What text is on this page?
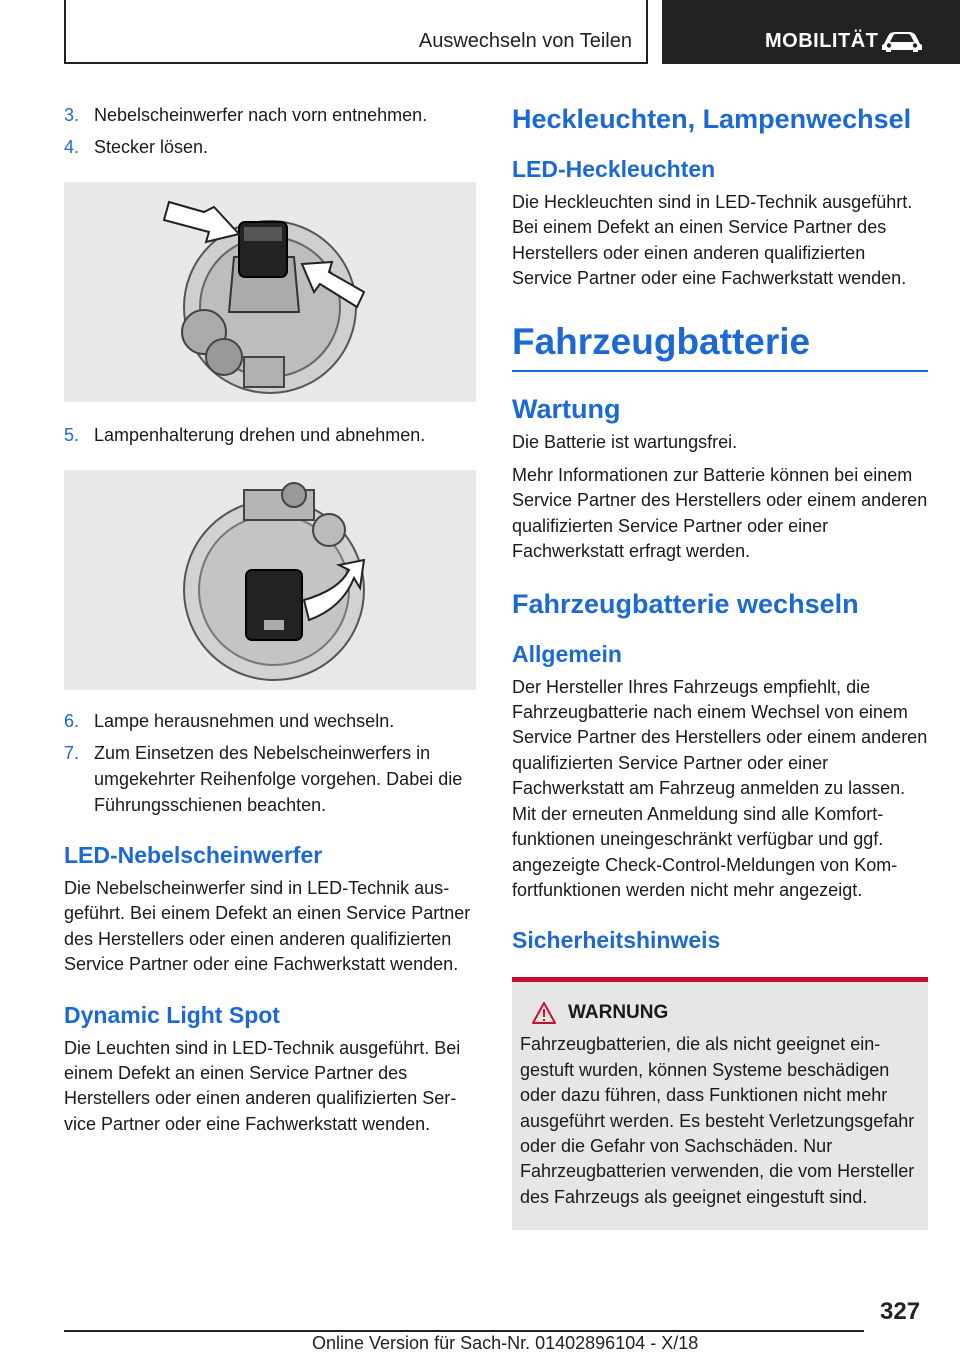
Auswechseln von Teilen	MOBILITÄT
3. Nebelscheinwerfer nach vorn entnehmen.
4. Stecker lösen.
5. Lampenhalterung drehen und abnehmen.
6. Lampe herausnehmen und wechseln.
7. Zum Einsetzen des Nebelscheinwerfers in umgekehrter Reihenfolge vorgehen. Dabei die Führungsschienen beachten.
LED-Nebelscheinwerfer

Die Nebelscheinwerfer sind in LED-Technik ausgeführt. Bei einem Defekt an einen Service Partner des Herstellers oder einen anderen qualifizierten Service Partner oder eine Fachwerkstatt wenden.

Dynamic Light Spot

Die Leuchten sind in LED-Technik ausgeführt. Bei einem Defekt an einen Service Partner des Herstellers oder einen anderen qualifizierten Service Partner oder eine Fachwerkstatt wenden.

Heckleuchten, Lampenwechsel
LED-Heckleuchten

Die Heckleuchten sind in LED-Technik ausgeführt. Bei einem Defekt an einen Service Partner des Herstellers oder einen anderen qualifizierten Service Partner oder eine Fachwerkstatt wenden.

Fahrzeugbatterie
Wartung

Die Batterie ist wartungsfrei.

Mehr Informationen zur Batterie können bei einem Service Partner des Herstellers oder einem anderen qualifizierten Service Partner oder einer Fachwerkstatt erfragt werden.

Fahrzeugbatterie wechseln
Allgemein

Der Hersteller Ihres Fahrzeugs empfiehlt, die Fahrzeugbatterie nach einem Wechsel von einem Service Partner des Herstellers oder einem anderen qualifizierten Service Partner oder einer Fachwerkstatt am Fahrzeug anmelden zu lassen. Mit der erneuten Anmeldung sind alle Komfortfunktionen uneingeschränkt verfügbar und ggf. angezeigte Check-Control-Meldungen von Komfortfunktionen werden nicht mehr angezeigt.

Sicherheitshinweis
WARNUNG

Fahrzeugbatterien, die als nicht geeignet eingestuft wurden, können Systeme beschädigen oder dazu führen, dass Funktionen nicht mehr ausgeführt werden. Es besteht Verletzungsgefahr oder die Gefahr von Sachschäden. Nur Fahrzeugbatterien verwenden, die vom Hersteller des Fahrzeugs als geeignet eingestuft sind.

327
Online Version für Sach-Nr. 01402896104 - X/18
